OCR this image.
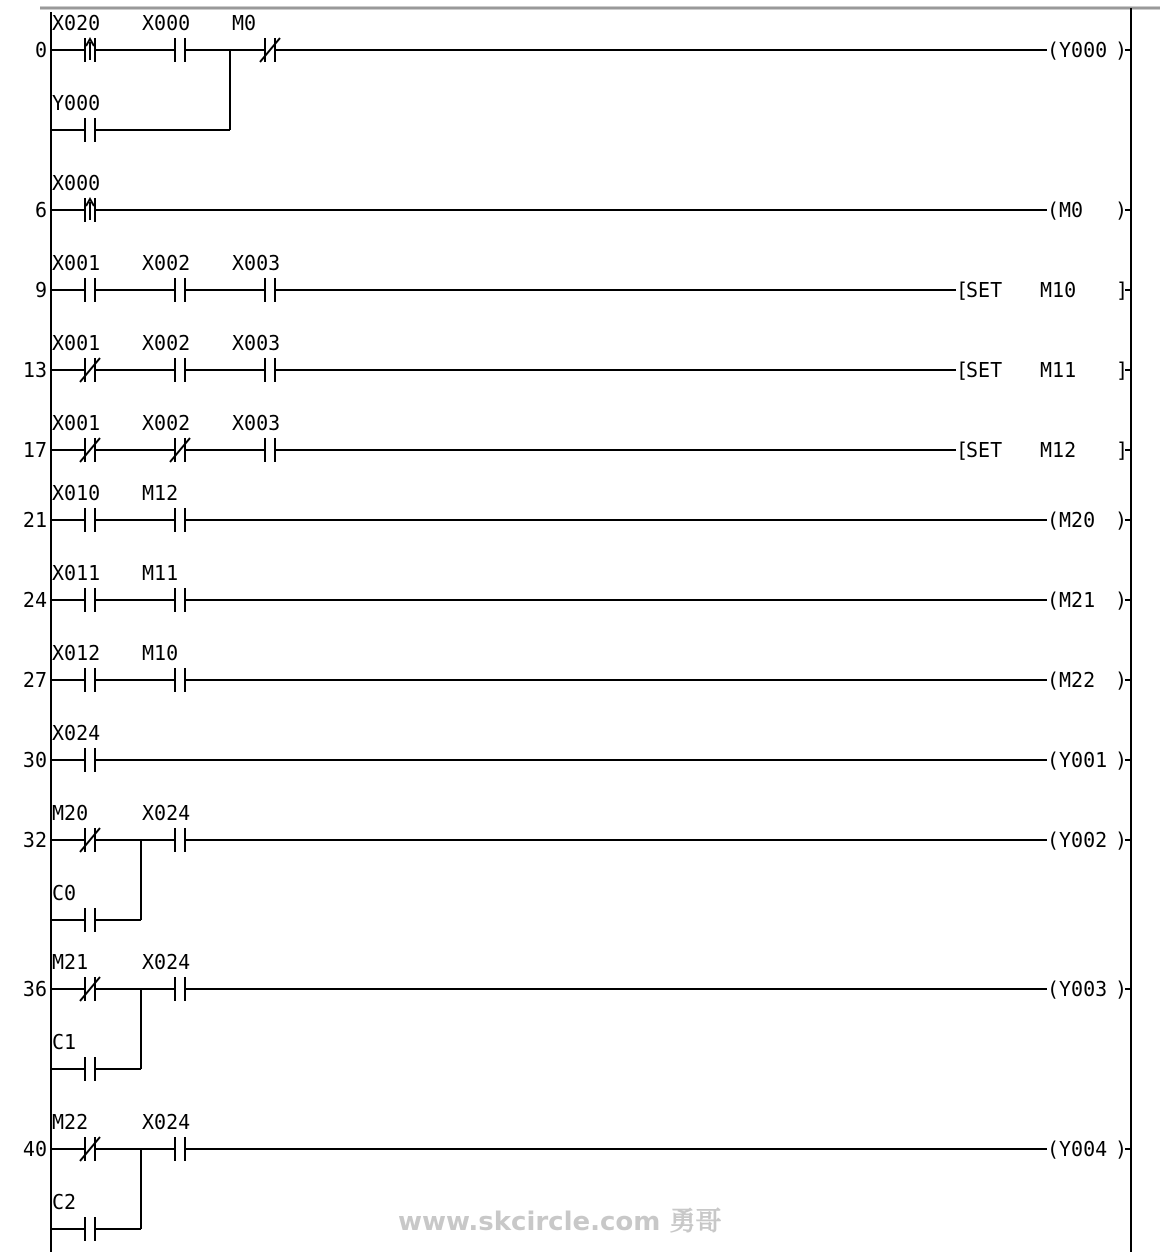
0	( Y000 )
X020 X000 M0
Y000
6	( M0 )
X000
9	[
SET M10 ]
X001 X002 X003
13	[
SET M11 ]
X001 X002 X003
17	[
SET M12 ]
X001 X002 X003
21	( M20 )
X010 M12
24	( M21 )
X011 M11
27	( M22 )
X012 M10
30	( Y001 )
X024
32	( Y002 )
M20	X024
C0
36	( Y003 )
M21	X024
C1
40	( Y004 )
M22	X024
C2
www.skcircle.com 勇哥
